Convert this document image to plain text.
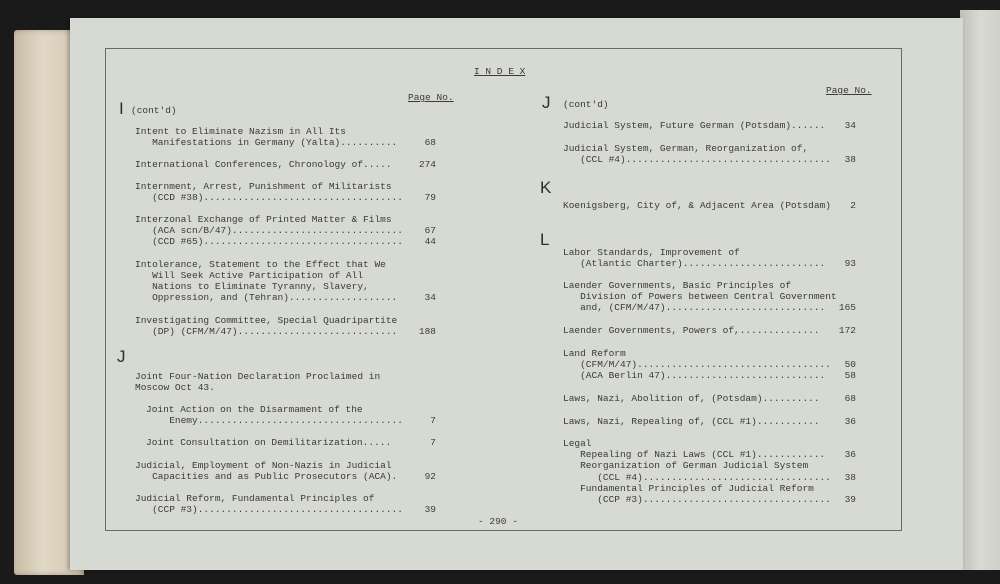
I N D E X
Page No.
I (cont'd)
Intent to Eliminate Nazism in All Its
Manifestations in Germany (Yalta)..........	68
International Conferences, Chronology of.....	274
Internment, Arrest, Punishment of Militarists
(CCD #38)...................................	79
Interzonal Exchange of Printed Matter & Films
(ACA scn/B/47)..............................	67
(CCD #65)...................................	44
Intolerance, Statement to the Effect that We
Will Seek Active Participation of All
Nations to Eliminate Tyranny, Slavery,
Oppression, and (Tehran)...................	34
Investigating Committee, Special Quadripartite
(DP) (CFM/M/47)............................	188
J
Joint Four-Nation Declaration Proclaimed in
Moscow Oct 43.
Joint Action on the Disarmament of the
Enemy....................................	7
Joint Consultation on Demilitarization.....	7
Judicial, Employment of Non-Nazis in Judicial
Capacities and as Public Prosecutors (ACA).	92
Judicial Reform, Fundamental Principles of
(CCP #3)....................................	39
- 290 -
Page No.
J (cont'd)
Judicial System, Future German (Potsdam)......	34
Judicial System, German, Reorganization of,
(CCL #4)....................................	38
K
Koenigsberg, City of, & Adjacent Area (Potsdam)	2
L
Labor Standards, Improvement of
(Atlantic Charter).........................	93
Laender Governments, Basic Principles of
Division of Powers between Central Government
and, (CFM/M/47)............................	165
Laender Governments, Powers of,..............	172
Land Reform
(CFM/M/47)..................................	50
(ACA Berlin 47)............................	58
Laws, Nazi, Abolition of, (Potsdam)..........	68
Laws, Nazi, Repealing of, (CCL #1)...........	36
Legal
Repealing of Nazi Laws (CCL #1)............	36
Reorganization of German Judicial System
(CCL #4).................................	38
Fundamental Principles of Judicial Reform
(CCP #3).................................	39
